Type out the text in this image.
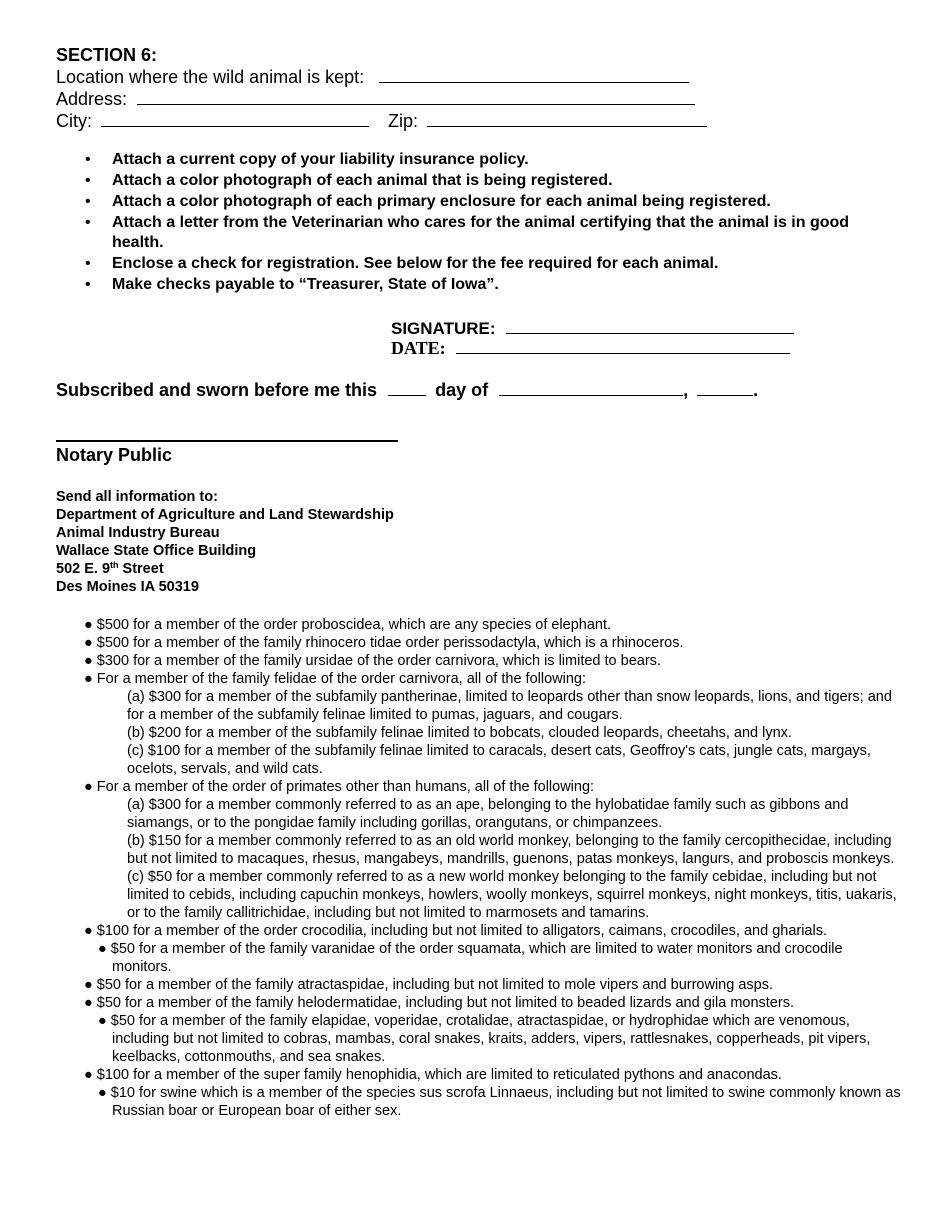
SECTION 6:
Location where the wild animal is kept:
Address:
City:	Zip:
• Attach a current copy of your liability insurance policy.
• Attach a color photograph of each animal that is being registered.
• Attach a color photograph of each primary enclosure for each animal being registered.
• Attach a letter from the Veterinarian who cares for the animal certifying that the animal is in good health.
• Enclose a check for registration. See below for the fee required for each animal.
• Make checks payable to “Treasurer, State of Iowa”.
SIGNATURE:
DATE:
Subscribed and sworn before me this	day of	,	.
Notary Public
Send all information to:
Department of Agriculture and Land Stewardship
Animal Industry Bureau
Wallace State Office Building
502 E. 9th Street
Des Moines IA 50319
● $500 for a member of the order proboscidea, which are any species of elephant.
● $500 for a member of the family rhinocero tidae order perissodactyla, which is a rhinoceros.
● $300 for a member of the family ursidae of the order carnivora, which is limited to bears.
● For a member of the family felidae of the order carnivora, all of the following:
(a) $300 for a member of the subfamily pantherinae, limited to leopards other than snow leopards, lions, and tigers; and for a member of the subfamily felinae limited to pumas, jaguars, and cougars.
(b) $200 for a member of the subfamily felinae limited to bobcats, clouded leopards, cheetahs, and lynx.
(c) $100 for a member of the subfamily felinae limited to caracals, desert cats, Geoffroy's cats, jungle cats, margays, ocelots, servals, and wild cats.
● For a member of the order of primates other than humans, all of the following:
(a) $300 for a member commonly referred to as an ape, belonging to the hylobatidae family such as gibbons and siamangs, or to the pongidae family including gorillas, orangutans, or chimpanzees.
(b) $150 for a member commonly referred to as an old world monkey, belonging to the family cercopithecidae, including but not limited to macaques, rhesus, mangabeys, mandrills, guenons, patas monkeys, langurs, and proboscis monkeys.
(c) $50 for a member commonly referred to as a new world monkey belonging to the family cebidae, including but not limited to cebids, including capuchin monkeys, howlers, woolly monkeys, squirrel monkeys, night monkeys, titis, uakaris, or to the family callitrichidae, including but not limited to marmosets and tamarins.
● $100 for a member of the order crocodilia, including but not limited to alligators, caimans, crocodiles, and gharials.
● $50 for a member of the family varanidae of the order squamata, which are limited to water monitors and crocodile monitors.
● $50 for a member of the family atractaspidae, including but not limited to mole vipers and burrowing asps.
● $50 for a member of the family helodermatidae, including but not limited to beaded lizards and gila monsters.
● $50 for a member of the family elapidae, voperidae, crotalidae, atractaspidae, or hydrophidae which are venomous, including but not limited to cobras, mambas, coral snakes, kraits, adders, vipers, rattlesnakes, copperheads, pit vipers, keelbacks, cottonmouths, and sea snakes.
● $100 for a member of the super family henophidia, which are limited to reticulated pythons and anacondas.
● $10 for swine which is a member of the species sus scrofa Linnaeus, including but not limited to swine commonly known as Russian boar or European boar of either sex.
